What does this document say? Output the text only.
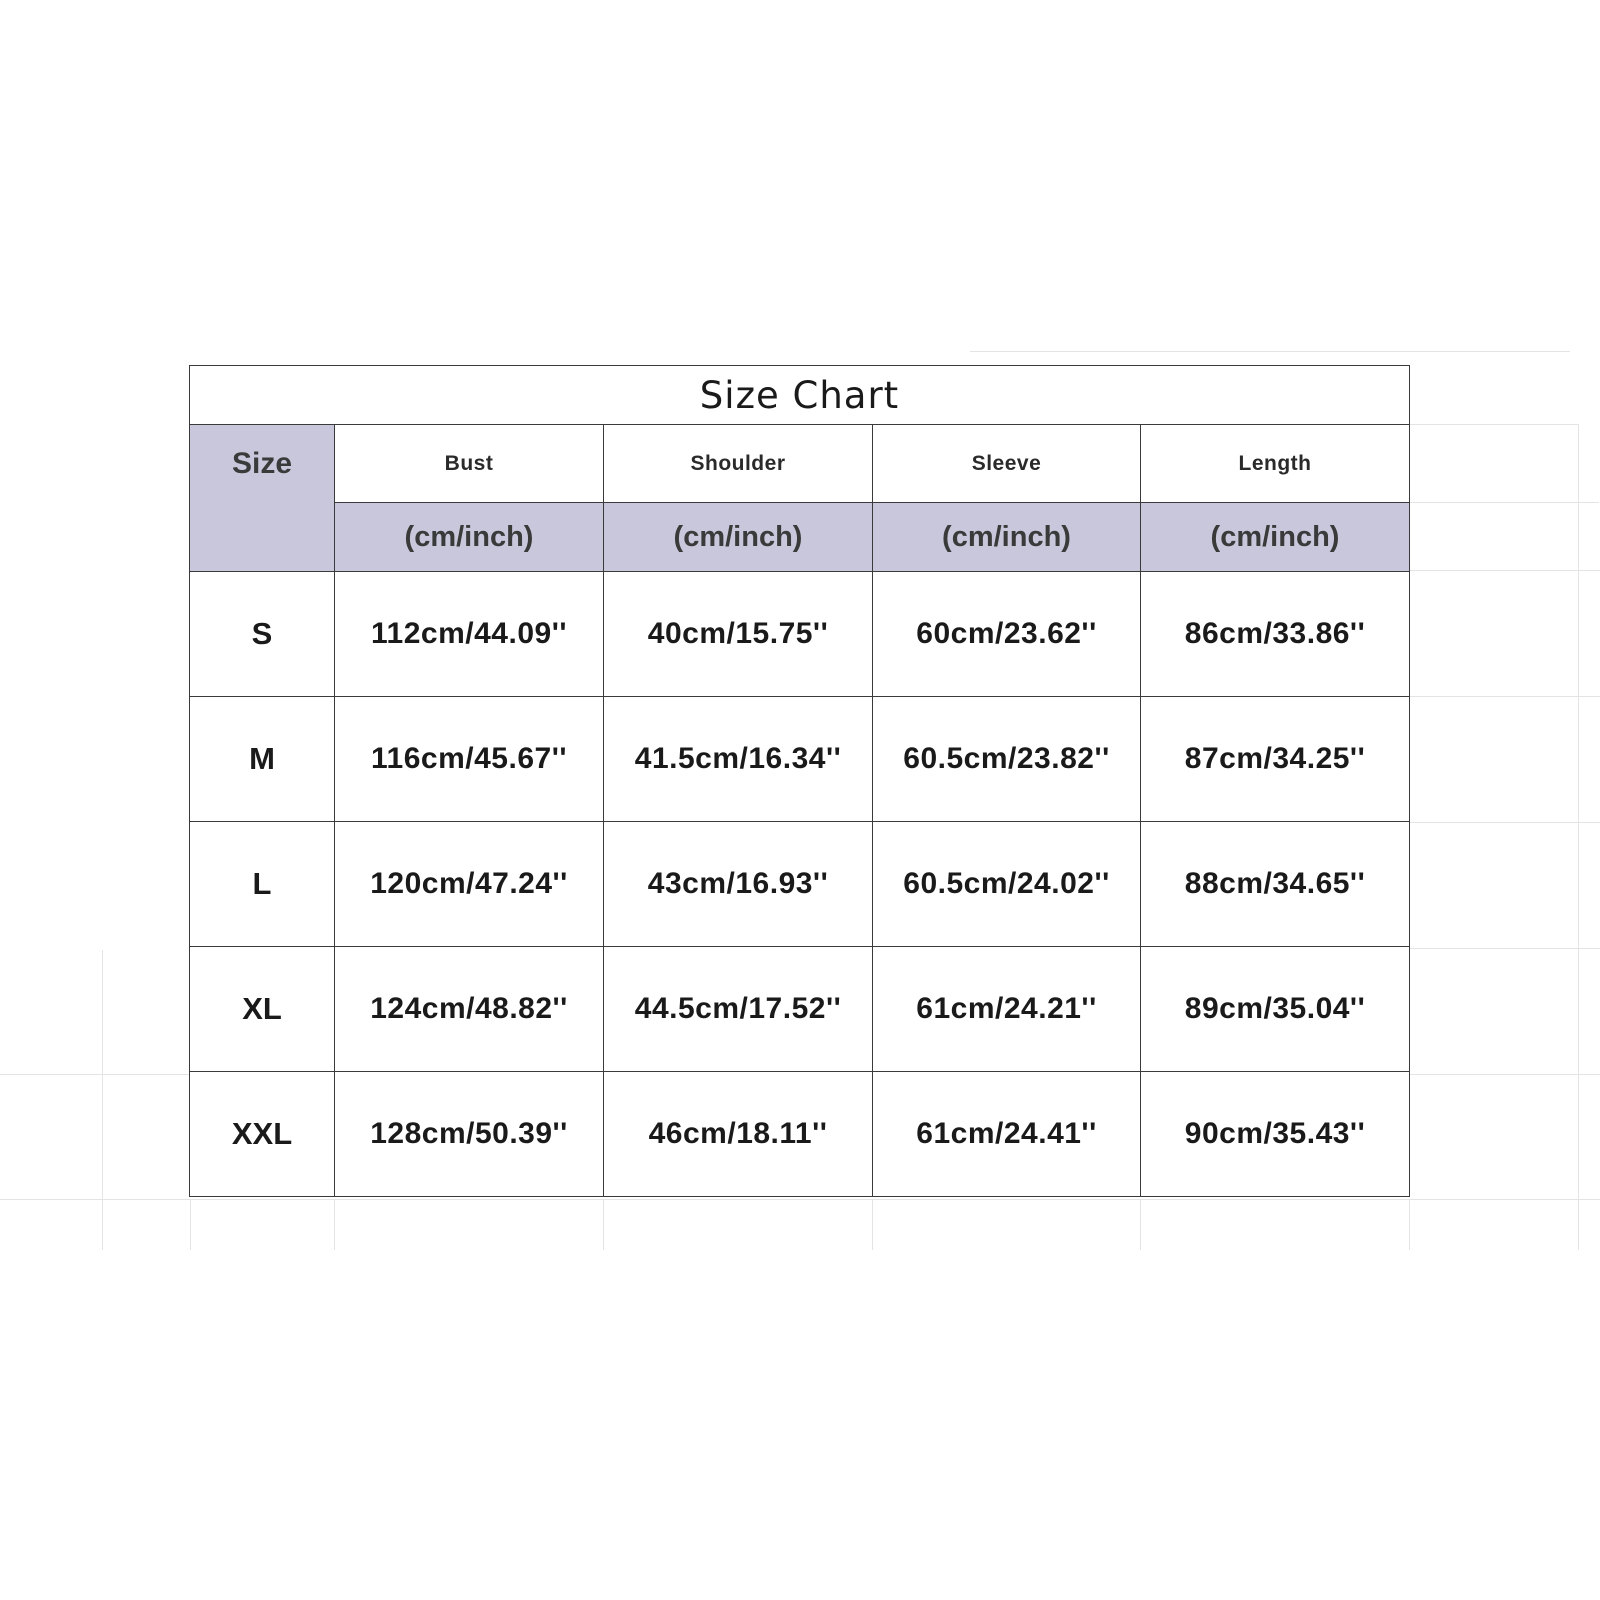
Size Chart				
Size	Bust	Shoulder	Sleeve	Length
	(cm/inch)	(cm/inch)	(cm/inch)	(cm/inch)
S	112cm/44.09''	40cm/15.75''	60cm/23.62''	86cm/33.86''
M	116cm/45.67''	41.5cm/16.34''	60.5cm/23.82''	87cm/34.25''
L	120cm/47.24''	43cm/16.93''	60.5cm/24.02''	88cm/34.65''
XL	124cm/48.82''	44.5cm/17.52''	61cm/24.21''	89cm/35.04''
XXL	128cm/50.39''	46cm/18.11''	61cm/24.41''	90cm/35.43''
